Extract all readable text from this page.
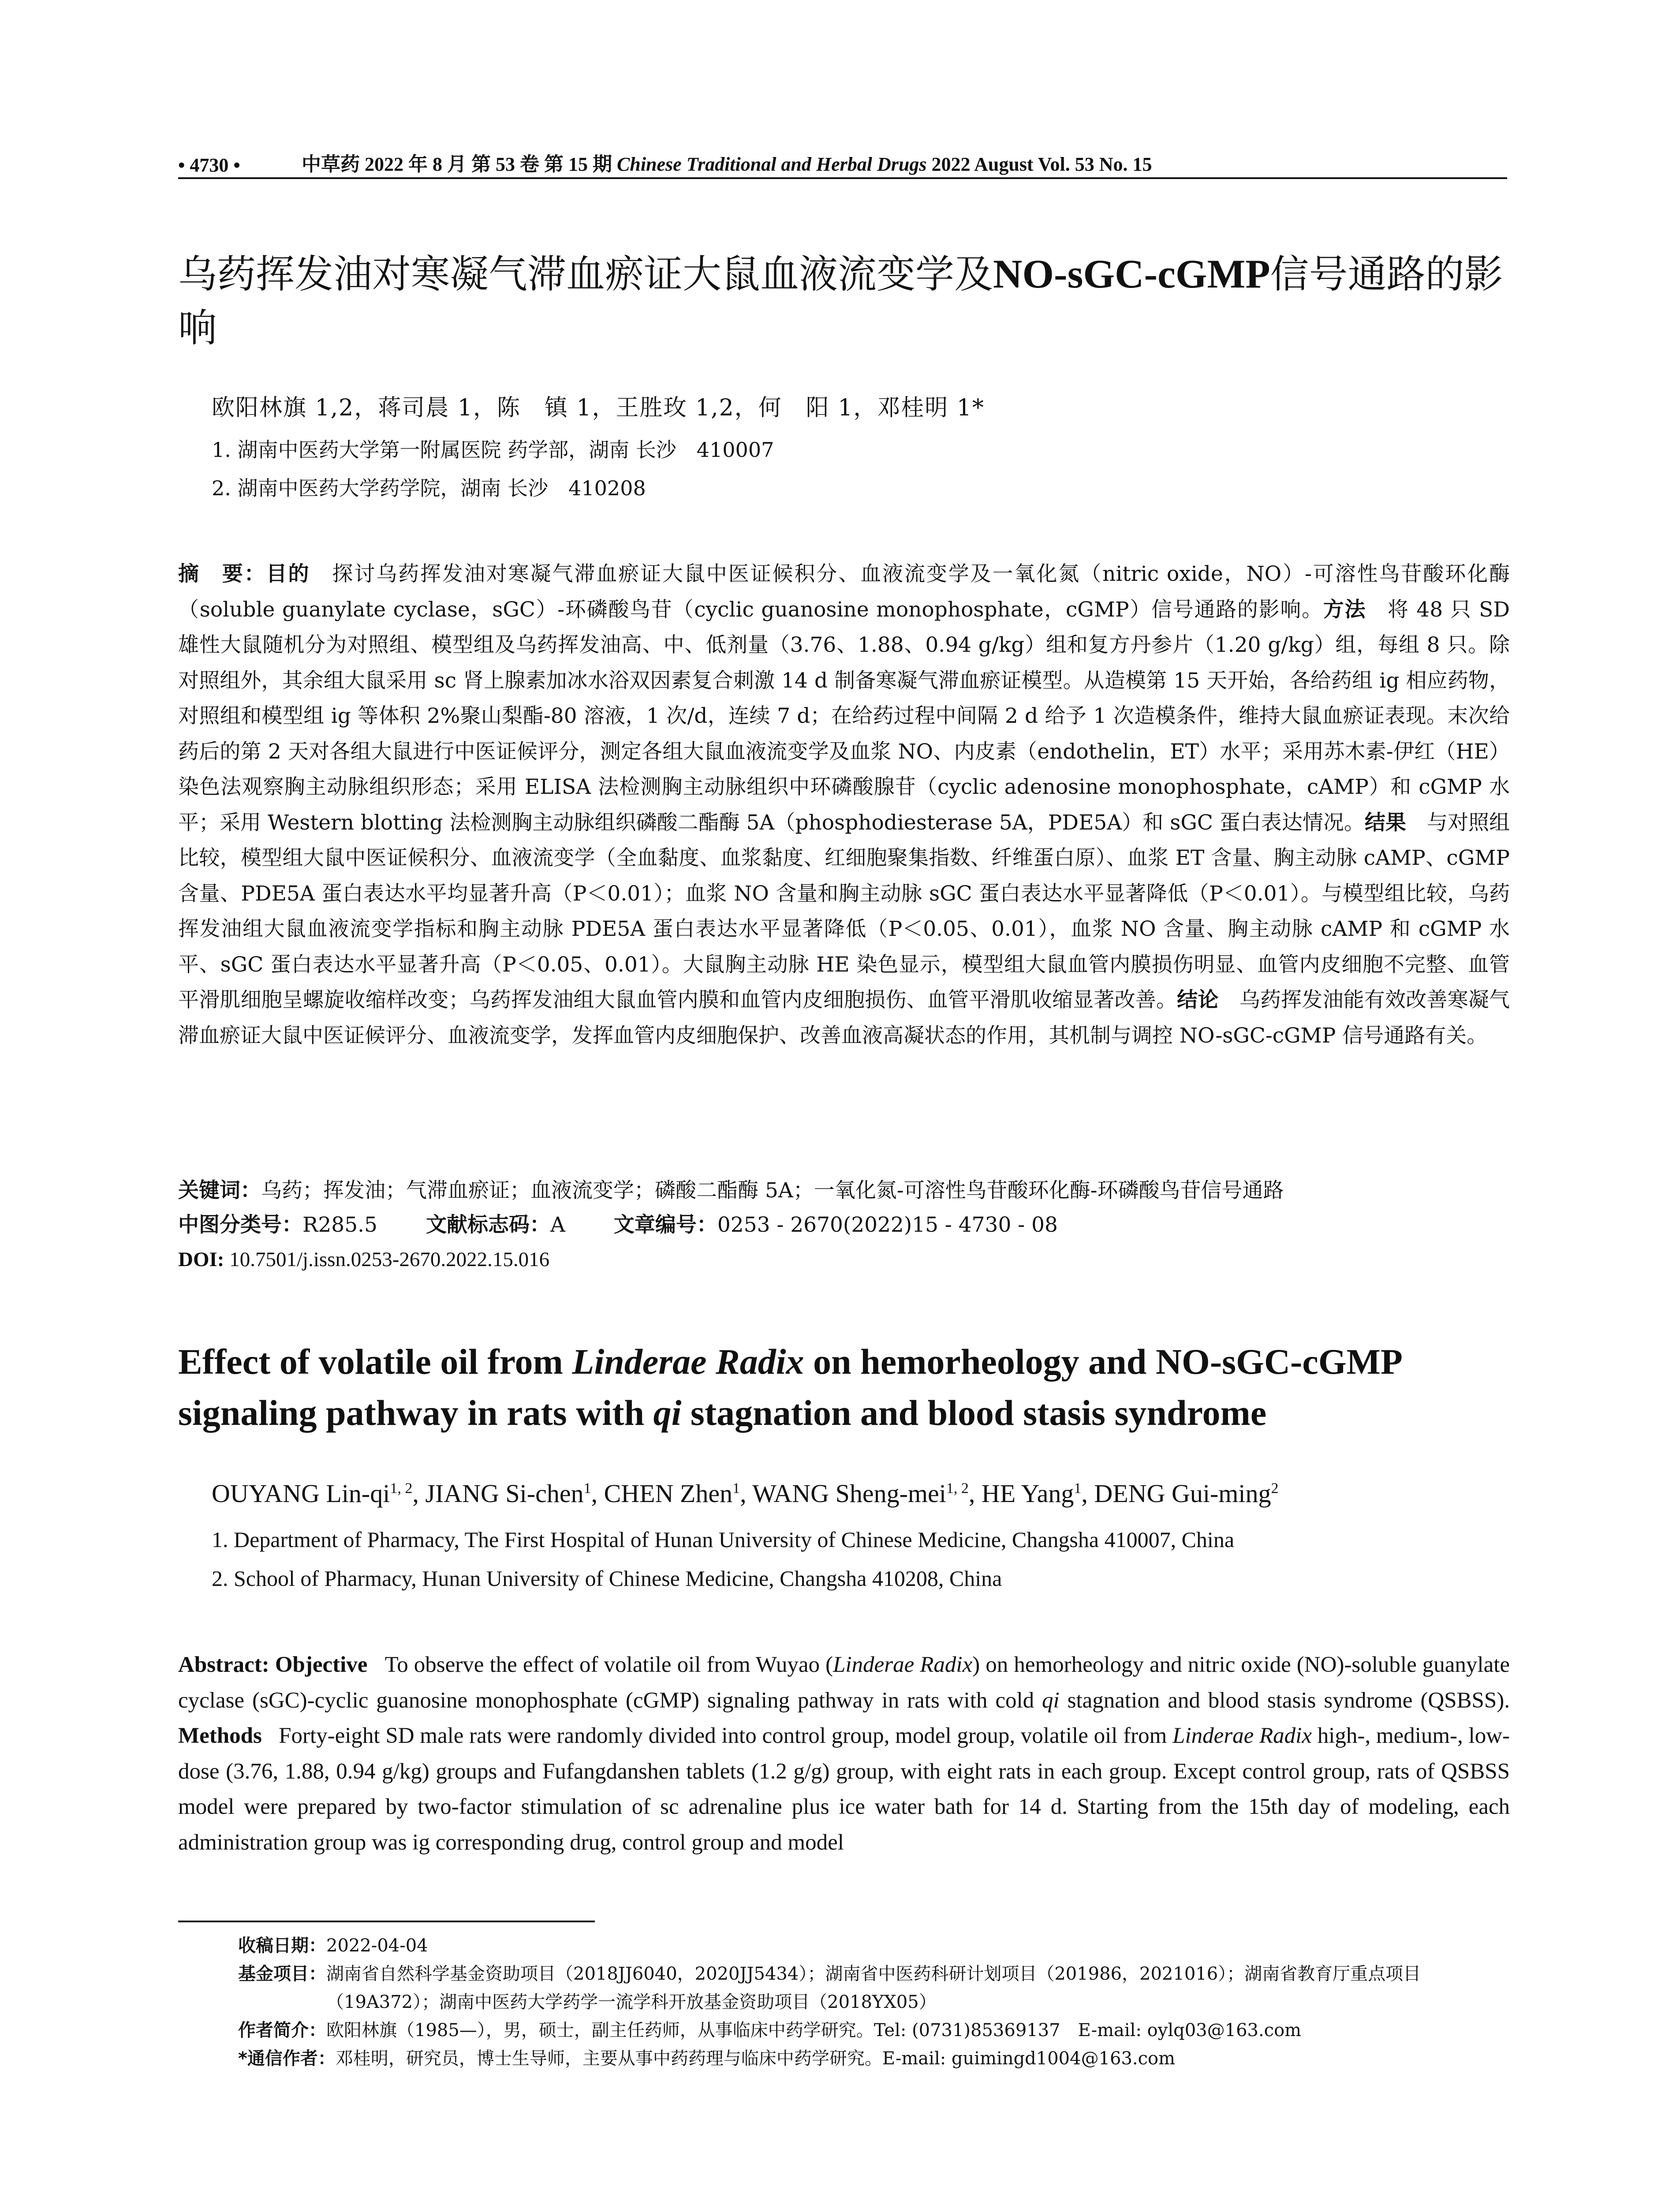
• 4730 •	中草药 2022 年 8 月 第 53 卷 第 15 期 Chinese Traditional and Herbal Drugs 2022 August Vol. 53 No. 15
乌药挥发油对寒凝气滞血瘀证大鼠血液流变学及NO-sGC-cGMP信号通路的影响
欧阳林旗 1,2，蒋司晨 1，陈　镇 1，王胜玫 1,2，何　阳 1，邓桂明 1*
1. 湖南中医药大学第一附属医院 药学部，湖南 长沙　410007
2. 湖南中医药大学药学院，湖南 长沙　410208
摘　要：目的　 探讨乌药挥发油对寒凝气滞血瘀证大鼠中医证候积分、血液流变学及一氧化氮（nitric oxide，NO）-可溶性鸟苷酸环化酶（soluble guanylate cyclase，sGC）-环磷酸鸟苷（cyclic guanosine monophosphate，cGMP）信号通路的影响。方法　 将 48 只 SD 雄性大鼠随机分为对照组、模型组及乌药挥发油高、中、低剂量（3.76、1.88、0.94 g/kg）组和复方丹参片（1.20 g/kg）组，每组 8 只。除对照组外，其余组大鼠采用 sc 肾上腺素加冰水浴双因素复合刺激 14 d 制备寒凝气滞血瘀证模型。从造模第 15 天开始，各给药组 ig 相应药物，对照组和模型组 ig 等体积 2%聚山梨酯-80 溶液，1 次/d，连续 7 d；在给药过程中间隔 2 d 给予 1 次造模条件，维持大鼠血瘀证表现。末次给药后的第 2 天对各组大鼠进行中医证候评分，测定各组大鼠血液流变学及血浆 NO、内皮素（endothelin，ET）水平；采用苏木素-伊红（HE）染色法观察胸主动脉组织形态；采用 ELISA 法检测胸主动脉组织中环磷酸腺苷（cyclic adenosine monophosphate，cAMP）和 cGMP 水平；采用 Western blotting 法检测胸主动脉组织磷酸二酯酶 5A（phosphodiesterase 5A，PDE5A）和 sGC 蛋白表达情况。结果　 与对照组比较，模型组大鼠中医证候积分、血液流变学（全血黏度、血浆黏度、红细胞聚集指数、纤维蛋白原）、血浆 ET 含量、胸主动脉 cAMP、cGMP 含量、PDE5A 蛋白表达水平均显著升高（P＜0.01）；血浆 NO 含量和胸主动脉 sGC 蛋白表达水平显著降低（P＜0.01）。与模型组比较，乌药挥发油组大鼠血液流变学指标和胸主动脉 PDE5A 蛋白表达水平显著降低（P＜0.05、0.01），血浆 NO 含量、胸主动脉 cAMP 和 cGMP 水平、sGC 蛋白表达水平显著升高（P＜0.05、0.01）。大鼠胸主动脉 HE 染色显示，模型组大鼠血管内膜损伤明显、血管内皮细胞不完整、血管平滑肌细胞呈螺旋收缩样改变；乌药挥发油组大鼠血管内膜和血管内皮细胞损伤、血管平滑肌收缩显著改善。结论　 乌药挥发油能有效改善寒凝气滞血瘀证大鼠中医证候评分、血液流变学，发挥血管内皮细胞保护、改善血液高凝状态的作用，其机制与调控 NO-sGC-cGMP 信号通路有关。
关键词：乌药；挥发油；气滞血瘀证；血液流变学；磷酸二酯酶 5A；一氧化氮-可溶性鸟苷酸环化酶-环磷酸鸟苷信号通路
中图分类号：R285.5 文献标志码：A 文章编号：0253 - 2670(2022)15 - 4730 - 08
DOI: 10.7501/j.issn.0253-2670.2022.15.016
Effect of volatile oil from Linderae Radix on hemorheology and NO-sGC-cGMP signaling pathway in rats with qi stagnation and blood stasis syndrome
OUYANG Lin-qi$^{1, 2}$, JIANG Si-chen$^1$, CHEN Zhen$^1$, WANG Sheng-mei$^{1, 2}$, HE Yang$^1$, DENG Gui-ming$^2$
1. Department of Pharmacy, The First Hospital of Hunan University of Chinese Medicine, Changsha 410007, China
2. School of Pharmacy, Hunan University of Chinese Medicine, Changsha 410208, China
Abstract: Objective To observe the effect of volatile oil from Wuyao (Linderae Radix) on hemorheology and nitric oxide (NO)-soluble guanylate cyclase (sGC)-cyclic guanosine monophosphate (cGMP) signaling pathway in rats with cold qi stagnation and blood stasis syndrome (QSBSS). Methods Forty-eight SD male rats were randomly divided into control group, model group, volatile oil from Linderae Radix high-, medium-, low-dose (3.76, 1.88, 0.94 g/kg) groups and Fufangdanshen tablets (1.2 g/g) group, with eight rats in each group. Except control group, rats of QSBSS model were prepared by two-factor stimulation of sc adrenaline plus ice water bath for 14 d. Starting from the 15th day of modeling, each administration group was ig corresponding drug, control group and model
收稿日期： 2022-04-04
基金项目： 湖南省自然科学基金资助项目（2018JJ6040，2020JJ5434）；湖南省中医药科研计划项目（201986，2021016）；湖南省教育厅重点项目（19A372）；湖南中医药大学药学一流学科开放基金资助项目（2018YX05）
作者简介： 欧阳林旗（1985—），男，硕士，副主任药师，从事临床中药学研究。Tel: (0731)85369137　E-mail: oylq03@163.com
*通信作者： 邓桂明，研究员，博士生导师，主要从事中药药理与临床中药学研究。E-mail: guimingd1004@163.com
